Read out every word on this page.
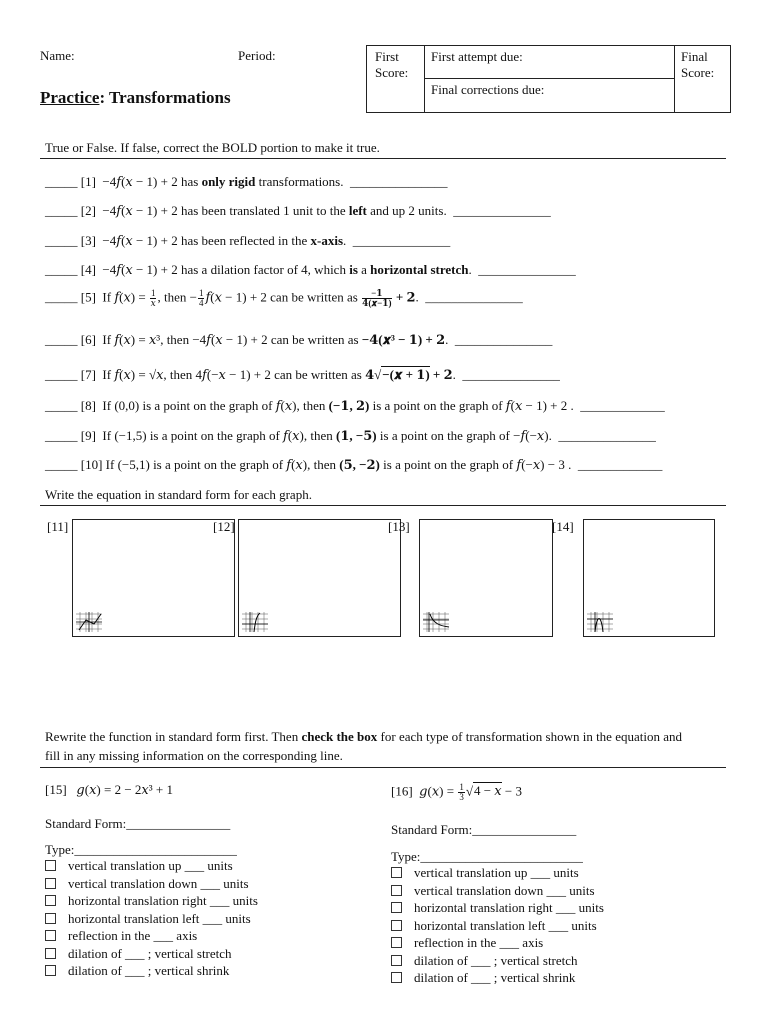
Name:	Period:
Practice: Transformations
First
Score:
First attempt due:
Final corrections due:
Final
Score:
True or False. If false, correct the BOLD portion to make it true.
_____ [1] −4𝑓(𝑥 − 1) + 2 has only rigid transformations. _______________
_____ [2] −4𝑓(𝑥 − 1) + 2 has been translated 1 unit to the left and up 2 units. _______________
_____ [3] −4𝑓(𝑥 − 1) + 2 has been reflected in the x-axis. _______________
_____ [4] −4𝑓(𝑥 − 1) + 2 has a dilation factor of 4, which is a horizontal stretch. _______________
_____ [5] If 𝑓(𝑥) = $\frac{1}{\text{𝑥}}$ , then − $\frac{1}{4}$ 𝑓(𝑥 − 1) + 2 can be written as $\frac{-𝟏}{\text{𝟒(𝒙−𝟏)}}$ + 𝟐. _______________
_____ [6] If 𝑓(𝑥) = 𝑥³, then −4𝑓(𝑥 − 1) + 2 can be written as −𝟒(𝒙³ − 𝟏) + 𝟐. _______________
_____ [7] If 𝑓(𝑥) = √𝑥, then 4𝑓(−𝑥 − 1) + 2 can be written as 𝟒√−(𝒙 + 𝟏) + 𝟐. _______________
_____ [8] If (0,0) is a point on the graph of 𝑓(𝑥), then (−𝟏, 𝟐) is a point on the graph of 𝑓(𝑥 − 1) + 2 . _____________
_____ [9] If (−1,5) is a point on the graph of 𝑓(𝑥), then (𝟏, −𝟓) is a point on the graph of −𝑓(−𝑥). _______________
_____ [10] If (−5,1) is a point on the graph of 𝑓(𝑥), then (𝟓, −𝟐) is a point on the graph of 𝑓(−𝑥) − 3 . _____________
Write the equation in standard form for each graph.
[11]	[12]	[13]	[14]
Rewrite the function in standard form first. Then check the box for each type of transformation shown in the equation and
fill in any missing information on the corresponding line.
[15] 𝑔(𝑥) = 2 − 2𝑥³ + 1
Standard Form:________________
Type:_________________________
vertical translation up ___ units
vertical translation down ___ units
horizontal translation right ___ units
horizontal translation left ___ units
reflection in the ___ axis
dilation of ___ ; vertical stretch
dilation of ___ ; vertical shrink
[16] 𝑔(𝑥) = $\frac{1}{3} √4$ − 𝑥 − 3
Standard Form:________________
Type:_________________________
vertical translation up ___ units
vertical translation down ___ units
horizontal translation right ___ units
horizontal translation left ___ units
reflection in the ___ axis
dilation of ___ ; vertical stretch
dilation of ___ ; vertical shrink
